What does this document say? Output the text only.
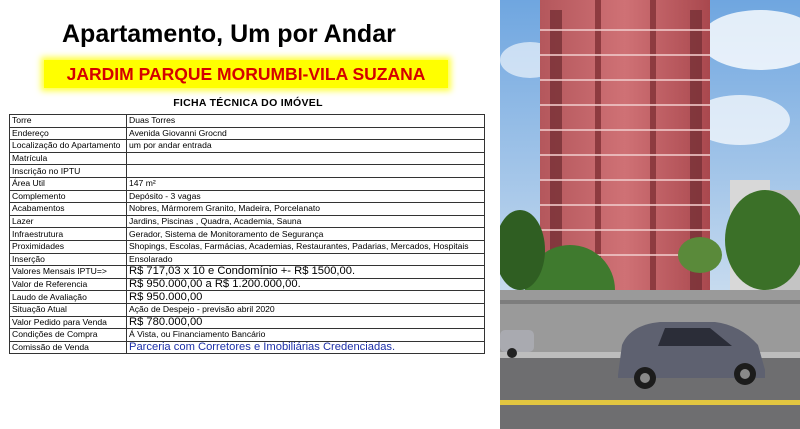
Apartamento, Um por Andar
JARDIM PARQUE MORUMBI-VILA SUZANA
FICHA TÉCNICA DO IMÓVEL
Torre	Duas Torres
Endereço	Avenida Giovanni Grocnd
Localização do Apartamento	um por andar entrada
Matrícula	
Inscrição no IPTU	
Área Util	147 m²
Complemento	Depósito - 3 vagas
Acabamentos	Nobres, Mármorem Granito, Madeira, Porcelanato
Lazer	Jardins, Piscinas , Quadra, Academia, Sauna
Infraestrutura	Gerador, Sistema de Monitoramento de Segurança
Proximidades	Shopings, Escolas, Farmácias, Academias, Restaurantes, Padarias, Mercados, Hospitais
Inserção	Ensolarado
Valores Mensais IPTU=>	R$ 717,03 x 10 e Condomínio +- R$ 1500,00.
Valor de Referencia	R$ 950.000,00 a R$ 1.200.000,00.
Laudo de Avaliação	R$ 950.000,00
Situação Atual	Ação de Despejo - previsão abril 2020
Valor Pedido para Venda	R$ 780.000,00
Condições de Compra	Á Vista, ou Financiamento Bancário
Comissão de Venda	Parceria com Corretores e Imobiliárias Credenciadas.
